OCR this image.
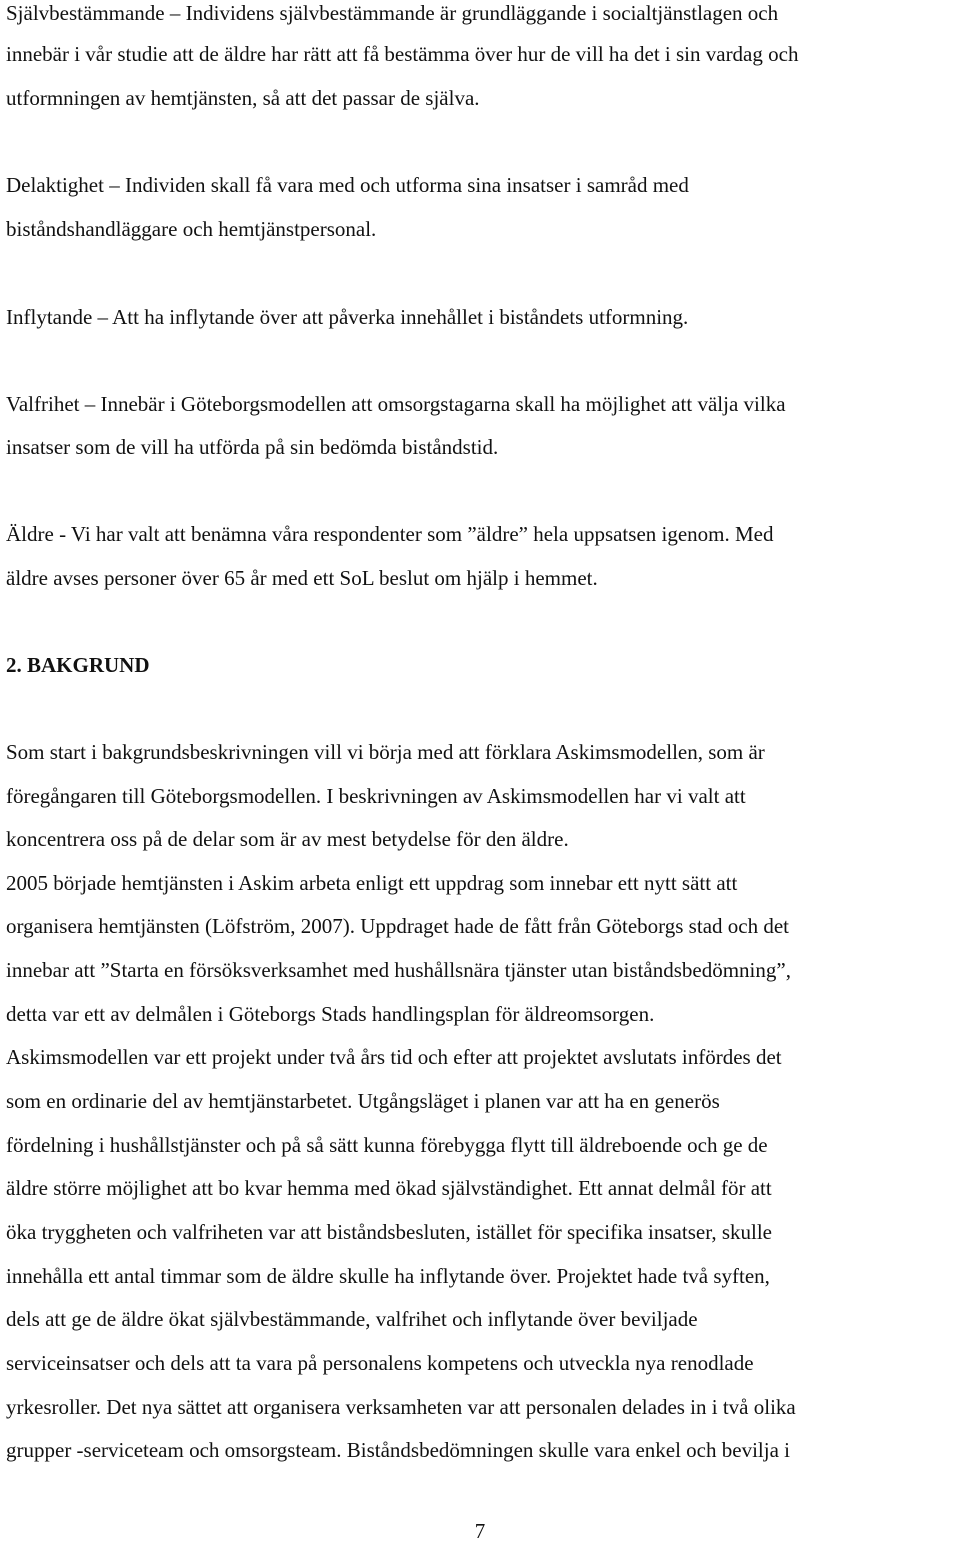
Självbestämmande – Individens självbestämmande är grundläggande i socialtjänstlagen och
innebär i vår studie att de äldre har rätt att få bestämma över hur de vill ha det i sin vardag och
utformningen av hemtjänsten, så att det passar de själva.
Delaktighet – Individen skall få vara med och utforma sina insatser i samråd med
biståndshandläggare och hemtjänstpersonal.
Inflytande – Att ha inflytande över att påverka innehållet i biståndets utformning.
Valfrihet – Innebär i Göteborgsmodellen att omsorgstagarna skall ha möjlighet att välja vilka
insatser som de vill ha utförda på sin bedömda biståndstid.
Äldre - Vi har valt att benämna våra respondenter som ”äldre” hela uppsatsen igenom. Med
äldre avses personer över 65 år med ett SoL beslut om hjälp i hemmet.
2. BAKGRUND
Som start i bakgrundsbeskrivningen vill vi börja med att förklara Askimsmodellen, som är
föregångaren till Göteborgsmodellen. I beskrivningen av Askimsmodellen har vi valt att
koncentrera oss på de delar som är av mest betydelse för den äldre.
2005 började hemtjänsten i Askim arbeta enligt ett uppdrag som innebar ett nytt sätt att
organisera hemtjänsten (Löfström, 2007). Uppdraget hade de fått från Göteborgs stad och det
innebar att ”Starta en försöksverksamhet med hushållsnära tjänster utan biståndsbedömning”,
detta var ett av delmålen i Göteborgs Stads handlingsplan för äldreomsorgen.
Askimsmodellen var ett projekt under två års tid och efter att projektet avslutats infördes det
som en ordinarie del av hemtjänstarbetet. Utgångsläget i planen var att ha en generös
fördelning i hushållstjänster och på så sätt kunna förebygga flytt till äldreboende och ge de
äldre större möjlighet att bo kvar hemma med ökad självständighet. Ett annat delmål för att
öka tryggheten och valfriheten var att biståndsbesluten, istället för specifika insatser, skulle
innehålla ett antal timmar som de äldre skulle ha inflytande över. Projektet hade två syften,
dels att ge de äldre ökat självbestämmande, valfrihet och inflytande över beviljade
serviceinsatser och dels att ta vara på personalens kompetens och utveckla nya renodlade
yrkesroller. Det nya sättet att organisera verksamheten var att personalen delades in i två olika
grupper -serviceteam och omsorgsteam. Biståndsbedömningen skulle vara enkel och bevilja i
7
